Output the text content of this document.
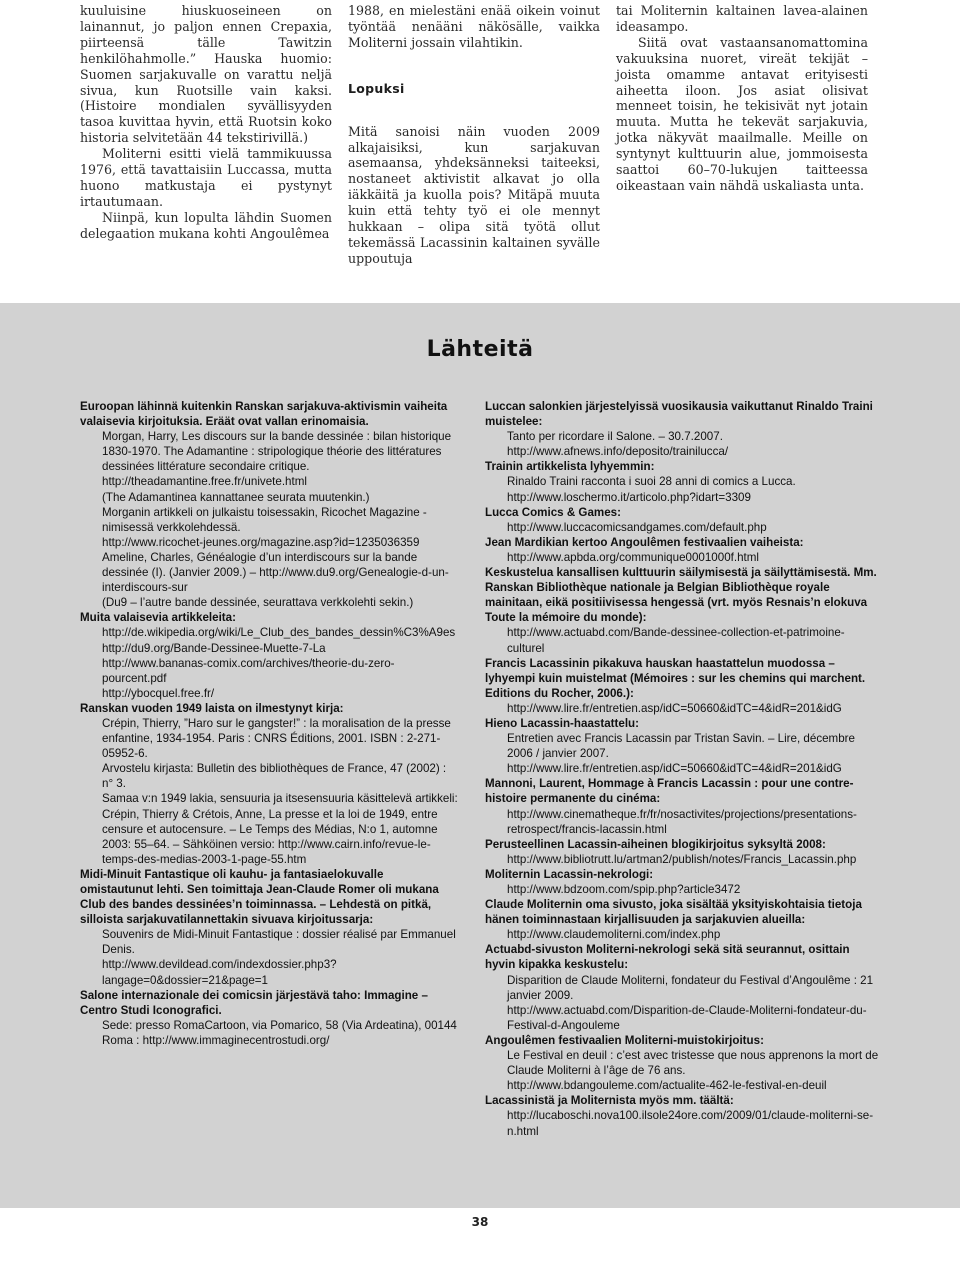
kuuluisine hiuskuoseineen on lainannut, jo paljon ennen Crepaxia, piirteensä tälle Tawitzin henkilöhahmolle.” Hauska huomio: Suomen sarjakuvalle on varattu neljä sivua, kun Ruotsille vain kaksi. (Histoire mondialen syvällisyyden tasoa kuvittaa hyvin, että Ruotsin koko historia selvitetään 44 tekstirivillä.)

Moliterni esitti vielä tammikuussa 1976, että tavattaisiin Luccassa, mutta huono matkustaja ei pystynyt irtautumaan.

Niinpä, kun lopulta lähdin Suomen delegaation mukana kohti Angoulêmea

1988, en mielestäni enää oikein voinut työntää nenääni näkösälle, vaikka Moliterni jossain vilahtikin.

Lopuksi

Mitä sanoisi näin vuoden 2009 alkajaisiksi, kun sarjakuvan asemaansa, yhdeksänneksi taiteeksi, nostaneet aktivistit alkavat jo olla iäkkäitä ja kuolla pois? Mitäpä muuta kuin että tehty työ ei ole mennyt hukkaan – olipa sitä työtä ollut tekemässä Lacassinin kaltainen syvälle uppoutuja

tai Moliternin kaltainen lavea-alainen ideasampo.

Siitä ovat vastaansanomattomina vakuuksina nuoret, vireät tekijät – joista omamme antavat erityisesti aiheetta iloon. Jos asiat olisivat menneet toisin, he tekisivät nyt jotain muuta. Mutta he tekevät sarjakuvia, jotka näkyvät maailmalle. Meille on syntynyt kulttuurin alue, jommoisesta saattoi 60–70-lukujen taitteessa oikeastaan vain nähdä uskaliasta unta.

Lähteitä

Euroopan lähinnä kuitenkin Ranskan sarjakuva-aktivismin vaiheita valaisevia kirjoituksia. Eräät ovat vallan erinomaisia.

Morgan, Harry, Les discours sur la bande dessinée : bilan historique 1830-1970. The Adamantine : stripologique théorie des littératures dessinées littérature secondaire critique.

http://theadamantine.free.fr/univete.html

(The Adamantinea kannattanee seurata muutenkin.)

Morganin artikkeli on julkaistu toisessakin, Ricochet Magazine -nimisessä verkkolehdessä.

http://www.ricochet-jeunes.org/magazine.asp?id=1235036359

Ameline, Charles, Généalogie d’un interdiscours sur la bande dessinée (I). (Janvier 2009.) – http://www.du9.org/Genealogie-d-un-interdiscours-sur

(Du9 – l’autre bande dessinée, seurattava verkkolehti sekin.)

Muita valaisevia artikkeleita:

http://de.wikipedia.org/wiki/Le_Club_des_bandes_dessin%C3%A9es

http://du9.org/Bande-Dessinee-Muette-7-La

http://www.bananas-comix.com/archives/theorie-du-zero-pourcent.pdf

http://ybocquel.free.fr/

Ranskan vuoden 1949 laista on ilmestynyt kirja:

Crépin, Thierry, ”Haro sur le gangster!” : la moralisation de la presse enfantine, 1934-1954. Paris : CNRS Éditions, 2001. ISBN : 2-271-05952-6.

Arvostelu kirjasta: Bulletin des bibliothèques de France, 47 (2002) : n° 3.

Samaa v:n 1949 lakia, sensuuria ja itsesensuuria käsittelevä artikkeli: Crépin, Thierry & Crétois, Anne, La presse et la loi de 1949, entre censure et autocensure. – Le Temps des Médias, N:o 1, automne 2003: 55–64. – Sähköinen versio: http://www.cairn.info/revue-le-temps-des-medias-2003-1-page-55.htm

Midi-Minuit Fantastique oli kauhu- ja fantasiaelokuvalle omistautunut lehti. Sen toimittaja Jean-Claude Romer oli mukana Club des bandes dessinées’n toiminnassa. – Lehdestä on pitkä, silloista sarjakuvatilannettakin sivuava kirjoitussarja:

Souvenirs de Midi-Minuit Fantastique : dossier réalisé par Emmanuel Denis.

http://www.devildead.com/indexdossier.php3?langage=0&dossier=21&page=1

Salone internazionale dei comicsin järjestävä taho: Immagine – Centro Studi Iconografici.

Sede: presso RomaCartoon, via Pomarico, 58 (Via Ardeatina), 00144 Roma : http://www.immaginecentrostudi.org/

Luccan salonkien järjestelyissä vuosikausia vaikuttanut Rinaldo Traini muistelee:

Tanto per ricordare il Salone. – 30.7.2007.

http://www.afnews.info/deposito/trainilucca/

Trainin artikkelista lyhyemmin:

Rinaldo Traini racconta i suoi 28 anni di comics a Lucca.

http://www.loschermo.it/articolo.php?idart=3309

Lucca Comics & Games:

http://www.luccacomicsandgames.com/default.php

Jean Mardikian kertoo Angoulêmen festivaalien vaiheista:

http://www.apbda.org/communique0001000f.html

Keskustelua kansallisen kulttuurin säilymisestä ja säilyttämisestä. Mm. Ranskan Bibliothèque nationale ja Belgian Bibliothèque royale mainitaan, eikä positiivisessa hengessä (vrt. myös Resnais’n elokuva Toute la mémoire du monde):

http://www.actuabd.com/Bande-dessinee-collection-et-patrimoine-culturel

Francis Lacassinin pikakuva hauskan haastattelun muodossa – lyhyempi kuin muistelmat (Mémoires : sur les chemins qui marchent. Editions du Rocher, 2006.):

http://www.lire.fr/entretien.asp/idC=50660&idTC=4&idR=201&idG

Hieno Lacassin-haastattelu:

Entretien avec Francis Lacassin par Tristan Savin. – Lire, décembre 2006 / janvier 2007.

http://www.lire.fr/entretien.asp/idC=50660&idTC=4&idR=201&idG

Mannoni, Laurent, Hommage à Francis Lacassin : pour une contre-histoire permanente du cinéma:

http://www.cinematheque.fr/fr/nosactivites/projections/presentations-retrospect/francis-lacassin.html

Perusteellinen Lacassin-aiheinen blogikirjoitus syksyltä 2008:

http://www.bibliotrutt.lu/artman2/publish/notes/Francis_Lacassin.php

Moliternin Lacassin-nekrologi:

http://www.bdzoom.com/spip.php?article3472

Claude Moliternin oma sivusto, joka sisältää yksityiskohtaisia tietoja hänen toiminnastaan kirjallisuuden ja sarjakuvien alueilla:

http://www.claudemoliterni.com/index.php

Actuabd-sivuston Moliterni-nekrologi sekä sitä seurannut, osittain hyvin kipakka keskustelu:

Disparition de Claude Moliterni, fondateur du Festival d’Angoulême : 21 janvier 2009.

http://www.actuabd.com/Disparition-de-Claude-Moliterni-fondateur-du-Festival-d-Angouleme

Angoulêmen festivaalien Moliterni-muistokirjoitus:

Le Festival en deuil : c’est avec tristesse que nous apprenons la mort de Claude Moliterni à l’âge de 76 ans.

http://www.bdangouleme.com/actualite-462-le-festival-en-deuil

Lacassinistä ja Moliternista myös mm. täältä:

http://lucaboschi.nova100.ilsole24ore.com/2009/01/claude-moliterni-se-n.html

38
